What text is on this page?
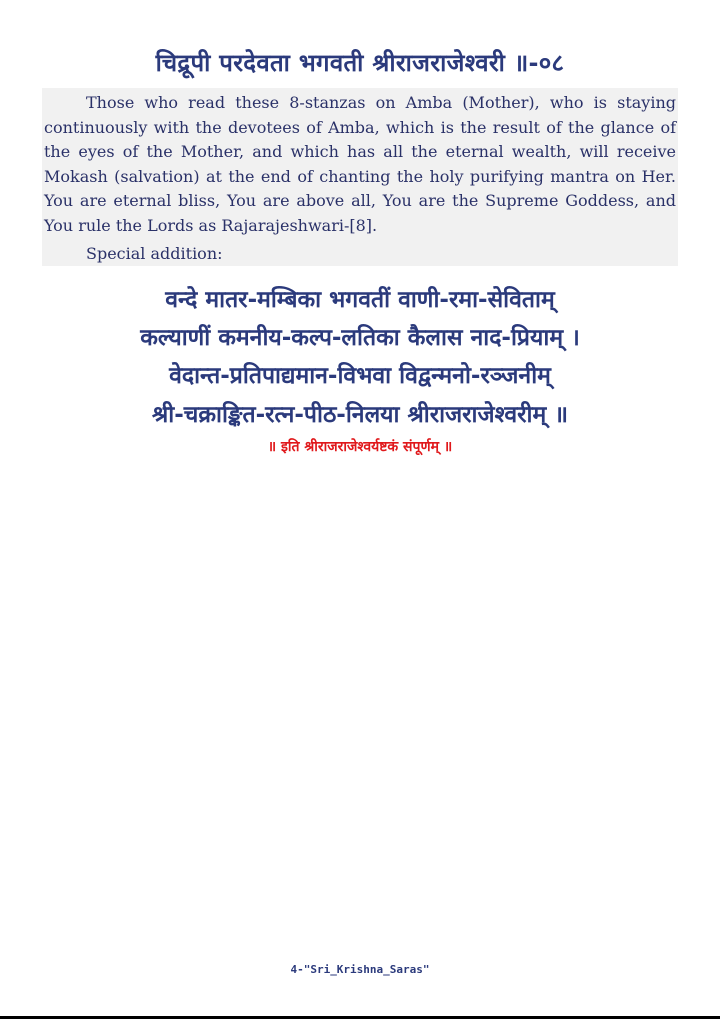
चिद्रूपी परदेवता भगवती श्रीराजराजेश्वरी ॥-०८

Those who read these 8-stanzas on Amba (Mother), who is staying continuously with the devotees of Amba, which is the result of the glance of the eyes of the Mother, and which has all the eternal wealth, will receive Mokash (salvation) at the end of chanting the holy purifying mantra on Her. You are eternal bliss, You are above all, You are the Supreme Goddess, and You rule the Lords as Rajarajeshwari-[8].

Special addition:

वन्दे मातर-मम्बिका भगवतीं वाणी-रमा-सेविताम्

कल्याणीं कमनीय-कल्प-लतिका कैलास नाद-प्रियाम् ।

वेदान्त-प्रतिपाद्यमान-विभवा विद्वन्मनो-रञ्जनीम्

श्री-चक्राङ्कित-रत्न-पीठ-निलया श्रीराजराजेश्वरीम् ॥

॥ इति श्रीराजराजेश्वर्यष्टकं संपूर्णम् ॥
4-"Sri_Krishna_Saras"
